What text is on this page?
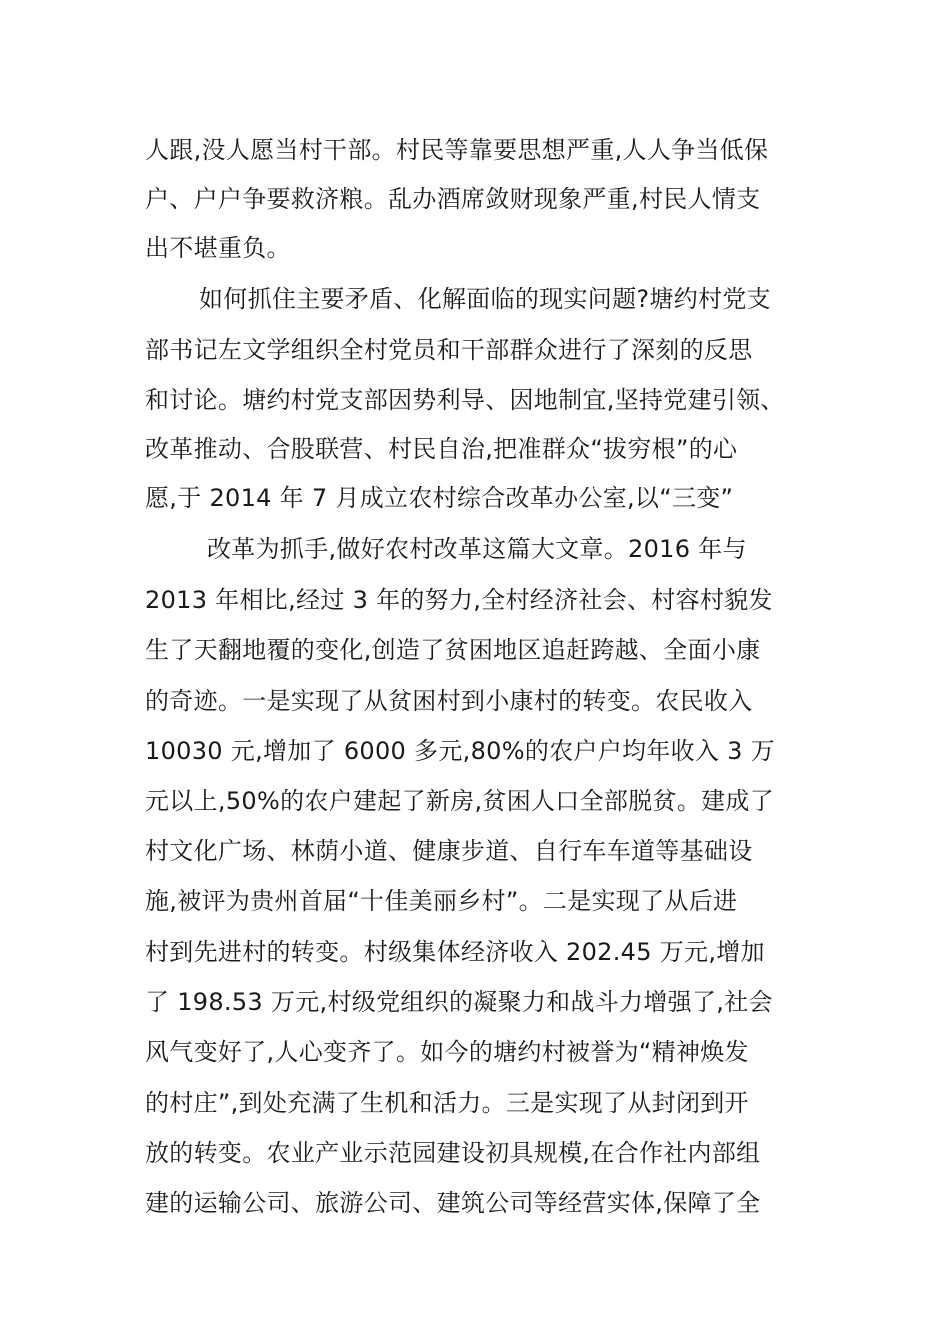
人跟,没人愿当村干部。村民等靠要思想严重,人人争当低保
户、户户争要救济粮。乱办酒席敛财现象严重,村民人情支
出不堪重负。
如何抓住主要矛盾、化解面临的现实问题?塘约村党支
部书记左文学组织全村党员和干部群众进行了深刻的反思
和讨论。塘约村党支部因势利导、因地制宜,坚持党建引领、
改革推动、合股联营、村民自治,把准群众“拔穷根”的心
愿,于 2014 年 7 月成立农村综合改革办公室,以“三变”
改革为抓手,做好农村改革这篇大文章。2016 年与
2013 年相比,经过 3 年的努力,全村经济社会、村容村貌发
生了天翻地覆的变化,创造了贫困地区追赶跨越、全面小康
的奇迹。一是实现了从贫困村到小康村的转变。农民收入
10030 元,增加了 6000 多元,80%的农户户均年收入 3 万
元以上,50%的农户建起了新房,贫困人口全部脱贫。建成了
村文化广场、林荫小道、健康步道、自行车车道等基础设
施,被评为贵州首届“十佳美丽乡村”。二是实现了从后进
村到先进村的转变。村级集体经济收入 202.45 万元,增加
了 198.53 万元,村级党组织的凝聚力和战斗力增强了,社会
风气变好了,人心变齐了。如今的塘约村被誉为“精神焕发
的村庄”,到处充满了生机和活力。三是实现了从封闭到开
放的转变。农业产业示范园建设初具规模,在合作社内部组
建的运输公司、旅游公司、建筑公司等经营实体,保障了全
